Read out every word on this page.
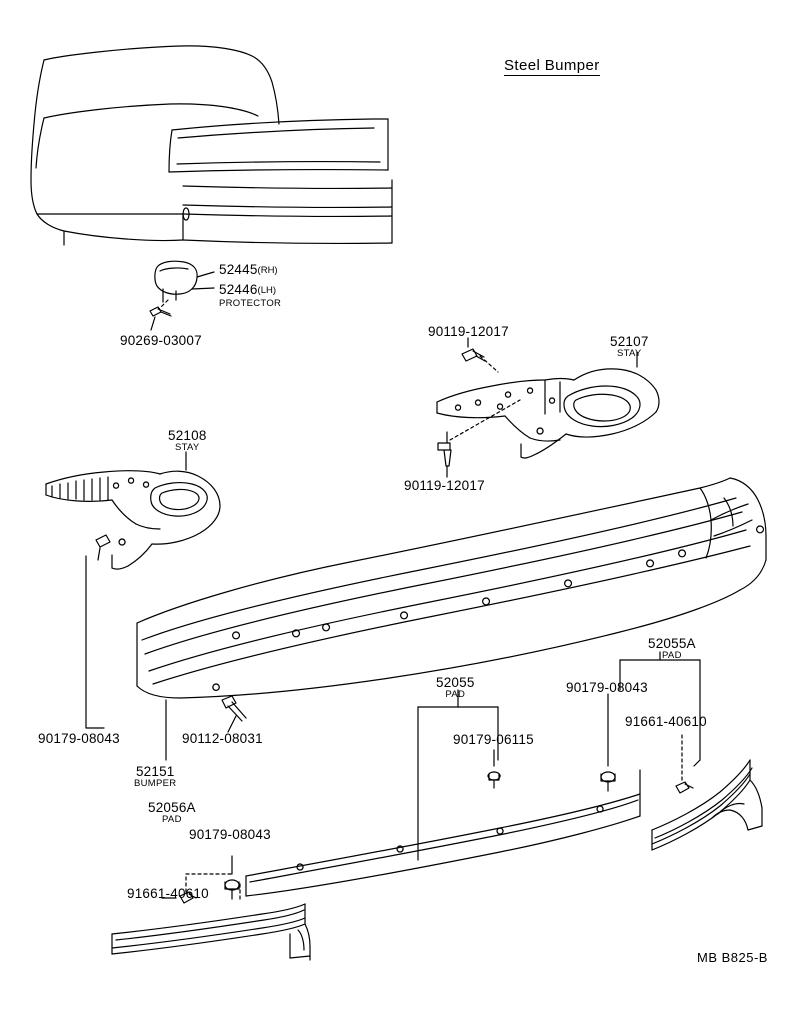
Steel Bumper
52445(RH)
52446(LH)
PROTECTOR
90269-03007
90119-12017
52107
STAY
90119-12017
52108
STAY
52055A
PAD
90179-08043
91661-40610
52055
PAD
90179-06115
90179-08043	90112-08031
52151
BUMPER
52056A
PAD
90179-08043
91661-40610
MB B825-B
